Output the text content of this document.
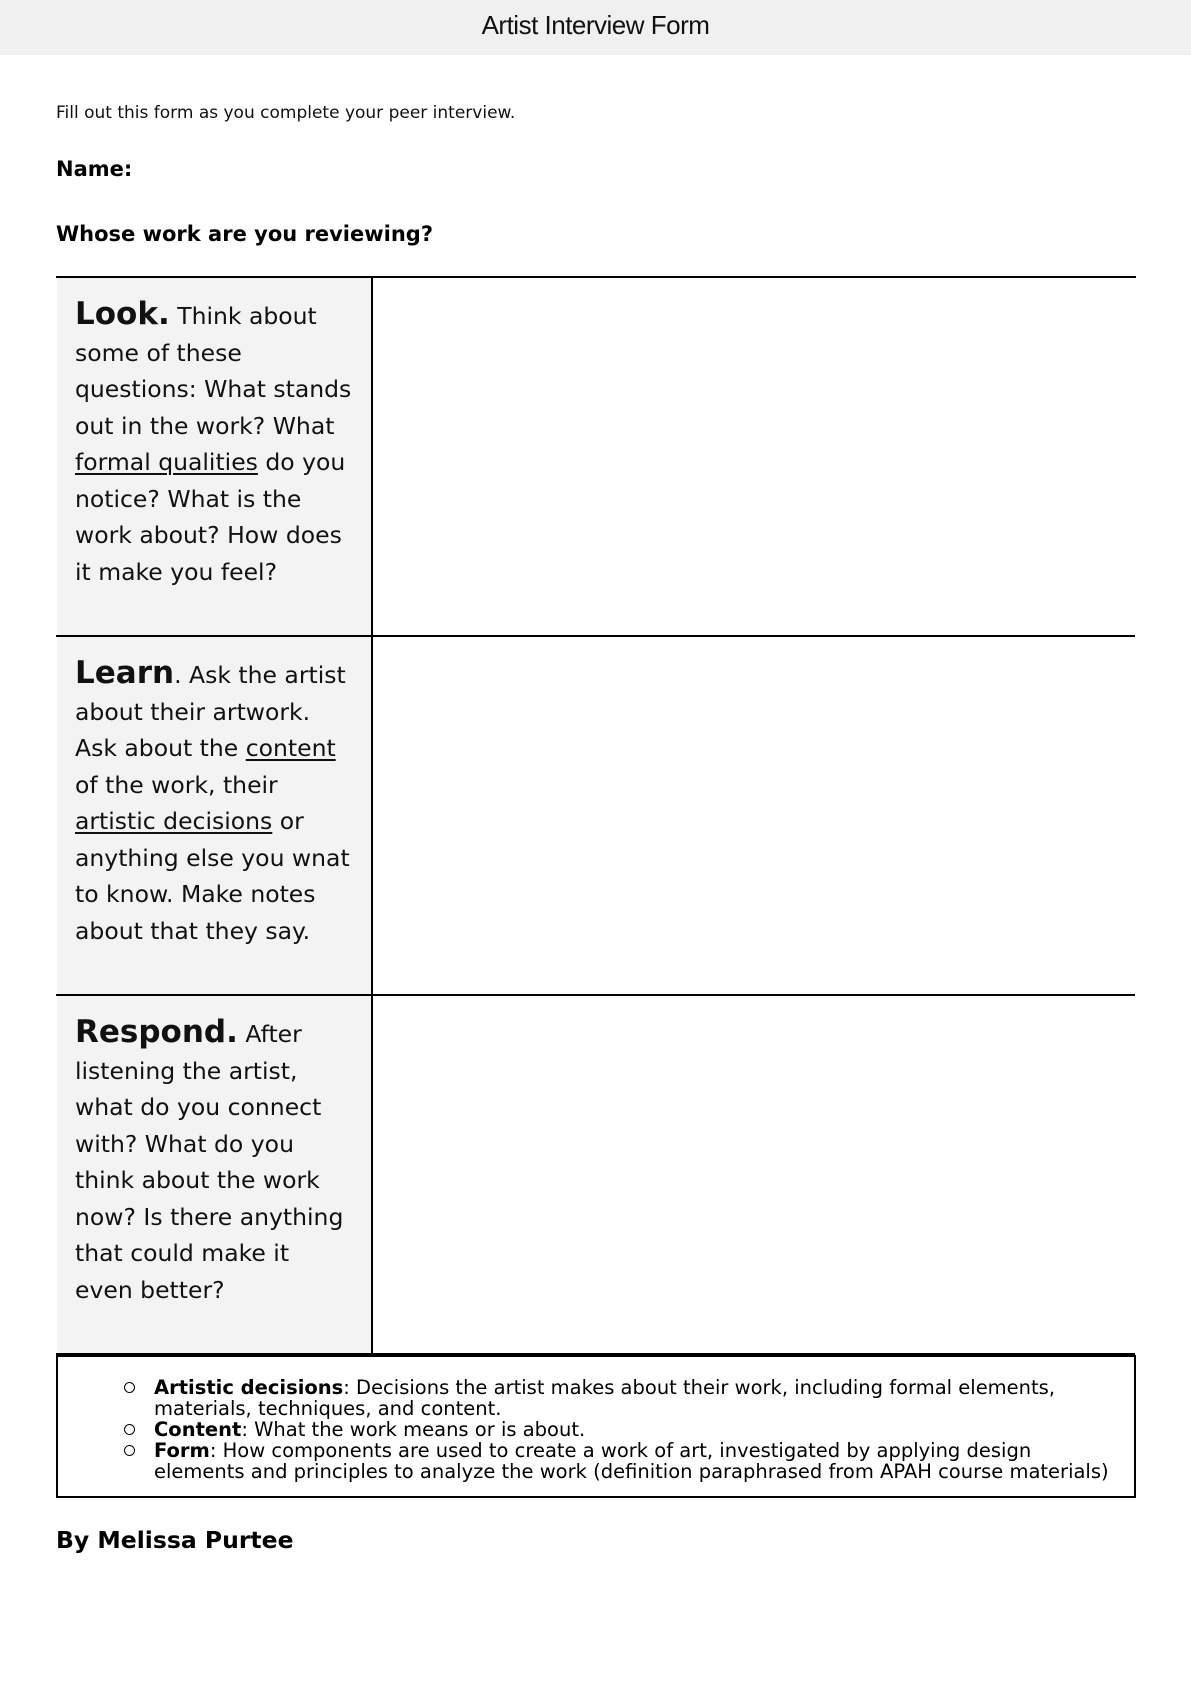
Artist Interview Form
Fill out this form as you complete your peer interview.
Name:
Whose work are you reviewing?
Look. Think about some of these questions: What stands out in the work? What formal qualities do you notice? What is the work about? How does it make you feel?
Learn. Ask the artist about their artwork. Ask about the content of the work, their artistic decisions or anything else you wnat to know. Make notes about that they say.
Respond. After listening the artist, what do you connect with? What do you think about the work now? Is there anything that could make it even better?
Artistic decisions: Decisions the artist makes about their work, including formal elements, materials, techniques, and content.
Content: What the work means or is about.
Form: How components are used to create a work of art, investigated by applying design elements and principles to analyze the work (definition paraphrased from APAH course materials)
By Melissa Purtee
